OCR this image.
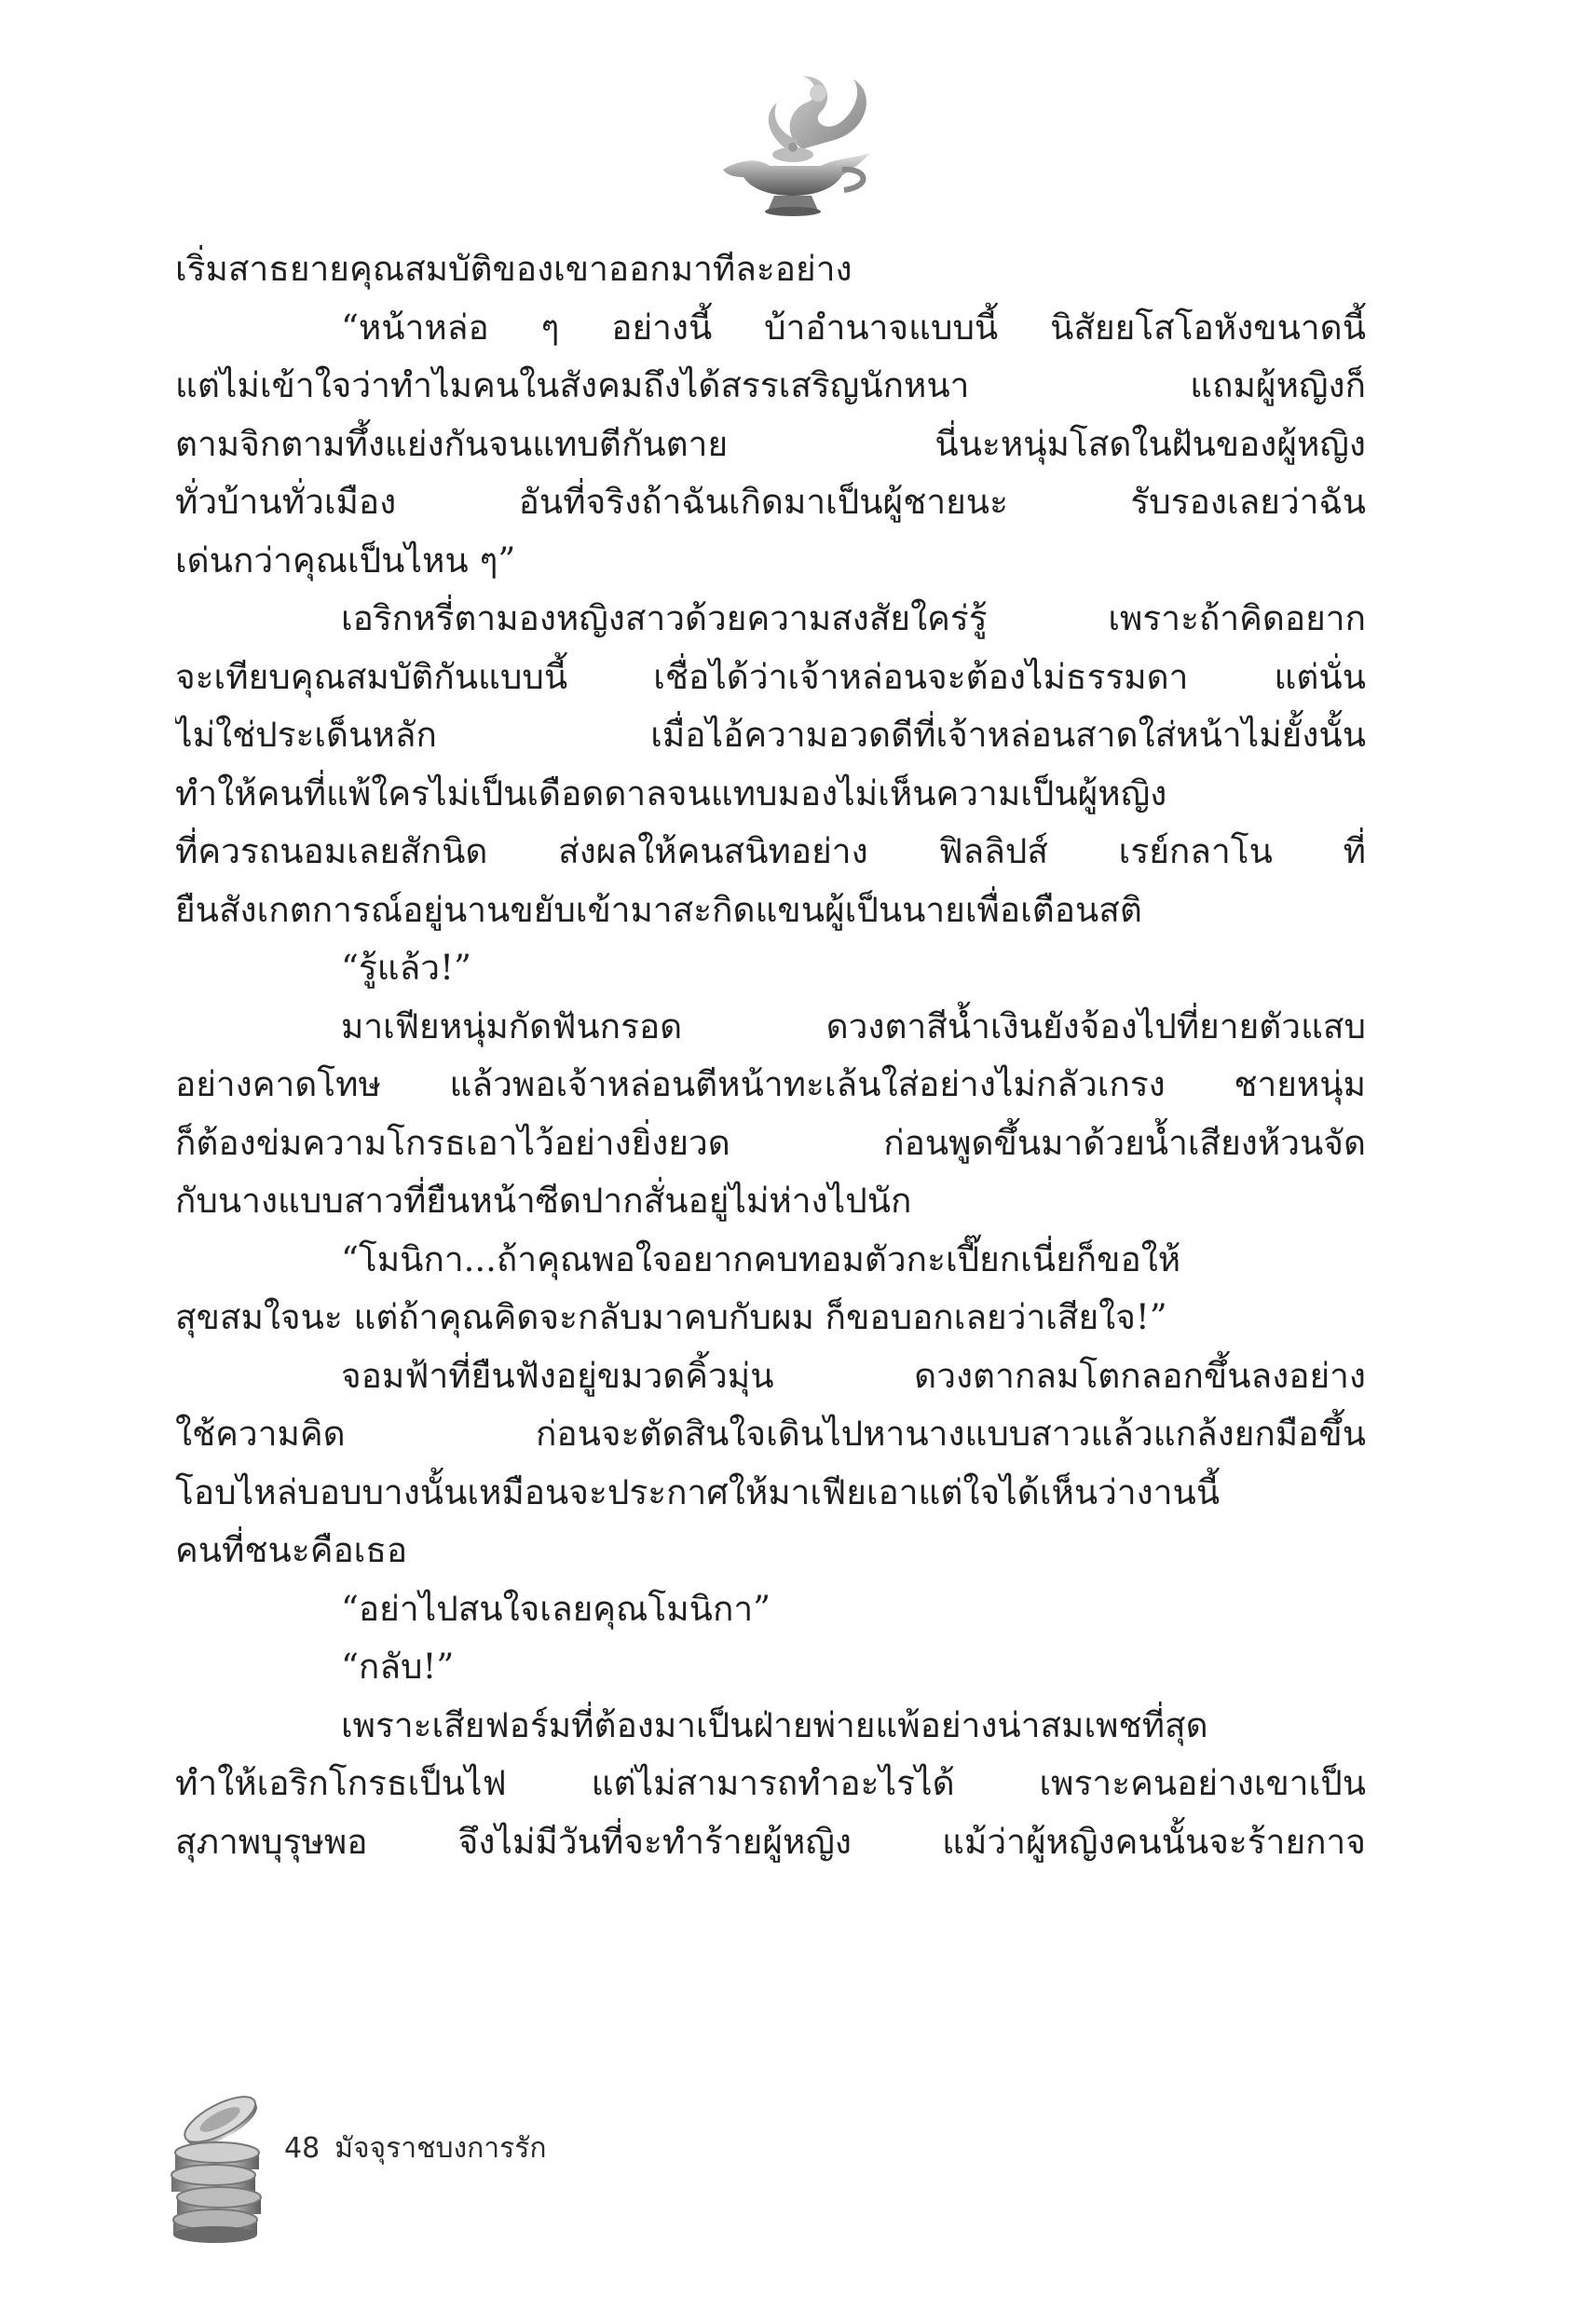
เริ่มสาธยายคุณสมบัติของเขาออกมาทีละอย่าง
“หน้าหล่อ ๆ อย่างนี้ บ้าอำนาจแบบนี้ นิสัยยโสโอหังขนาดนี้
แต่ไม่เข้าใจว่าทำไมคนในสังคมถึงได้สรรเสริญนักหนา แถมผู้หญิงก็
ตามจิกตามทึ้งแย่งกันจนแทบตีกันตาย นี่นะหนุ่มโสดในฝันของผู้หญิง
ทั่วบ้านทั่วเมือง อันที่จริงถ้าฉันเกิดมาเป็นผู้ชายนะ รับรองเลยว่าฉัน
เด่นกว่าคุณเป็นไหน ๆ”
เอริกหรี่ตามองหญิงสาวด้วยความสงสัยใคร่รู้ เพราะถ้าคิดอยาก
จะเทียบคุณสมบัติกันแบบนี้ เชื่อได้ว่าเจ้าหล่อนจะต้องไม่ธรรมดา แต่นั่น
ไม่ใช่ประเด็นหลัก เมื่อไอ้ความอวดดีที่เจ้าหล่อนสาดใส่หน้าไม่ยั้งนั้น
ทำให้คนที่แพ้ใครไม่เป็นเดือดดาลจนแทบมองไม่เห็นความเป็นผู้หญิง
ที่ควรถนอมเลยสักนิด ส่งผลให้คนสนิทอย่าง ฟิลลิปส์ เรย์กลาโน ที่
ยืนสังเกตการณ์อยู่นานขยับเข้ามาสะกิดแขนผู้เป็นนายเพื่อเตือนสติ
“รู้แล้ว!”
มาเฟียหนุ่มกัดฟันกรอด ดวงตาสีน้ำเงินยังจ้องไปที่ยายตัวแสบ
อย่างคาดโทษ แล้วพอเจ้าหล่อนตีหน้าทะเล้นใส่อย่างไม่กลัวเกรง ชายหนุ่ม
ก็ต้องข่มความโกรธเอาไว้อย่างยิ่งยวด ก่อนพูดขึ้นมาด้วยน้ำเสียงห้วนจัด
กับนางแบบสาวที่ยืนหน้าซีดปากสั่นอยู่ไม่ห่างไปนัก
“โมนิกา...ถ้าคุณพอใจอยากคบทอมตัวกะเปี๊ยกเนี่ยก็ขอให้
สุขสมใจนะ แต่ถ้าคุณคิดจะกลับมาคบกับผม ก็ขอบอกเลยว่าเสียใจ!”
จอมฟ้าที่ยืนฟังอยู่ขมวดคิ้วมุ่น ดวงตากลมโตกลอกขึ้นลงอย่าง
ใช้ความคิด ก่อนจะตัดสินใจเดินไปหานางแบบสาวแล้วแกล้งยกมือขึ้น
โอบไหล่บอบบางนั้นเหมือนจะประกาศให้มาเฟียเอาแต่ใจได้เห็นว่างานนี้
คนที่ชนะคือเธอ
“อย่าไปสนใจเลยคุณโมนิกา”
“กลับ!”
เพราะเสียฟอร์มที่ต้องมาเป็นฝ่ายพ่ายแพ้อย่างน่าสมเพชที่สุด
ทำให้เอริกโกรธเป็นไฟ แต่ไม่สามารถทำอะไรได้ เพราะคนอย่างเขาเป็น
สุภาพบุรุษพอ จึงไม่มีวันที่จะทำร้ายผู้หญิง แม้ว่าผู้หญิงคนนั้นจะร้ายกาจ
48 มัจจุราชบงการรัก
